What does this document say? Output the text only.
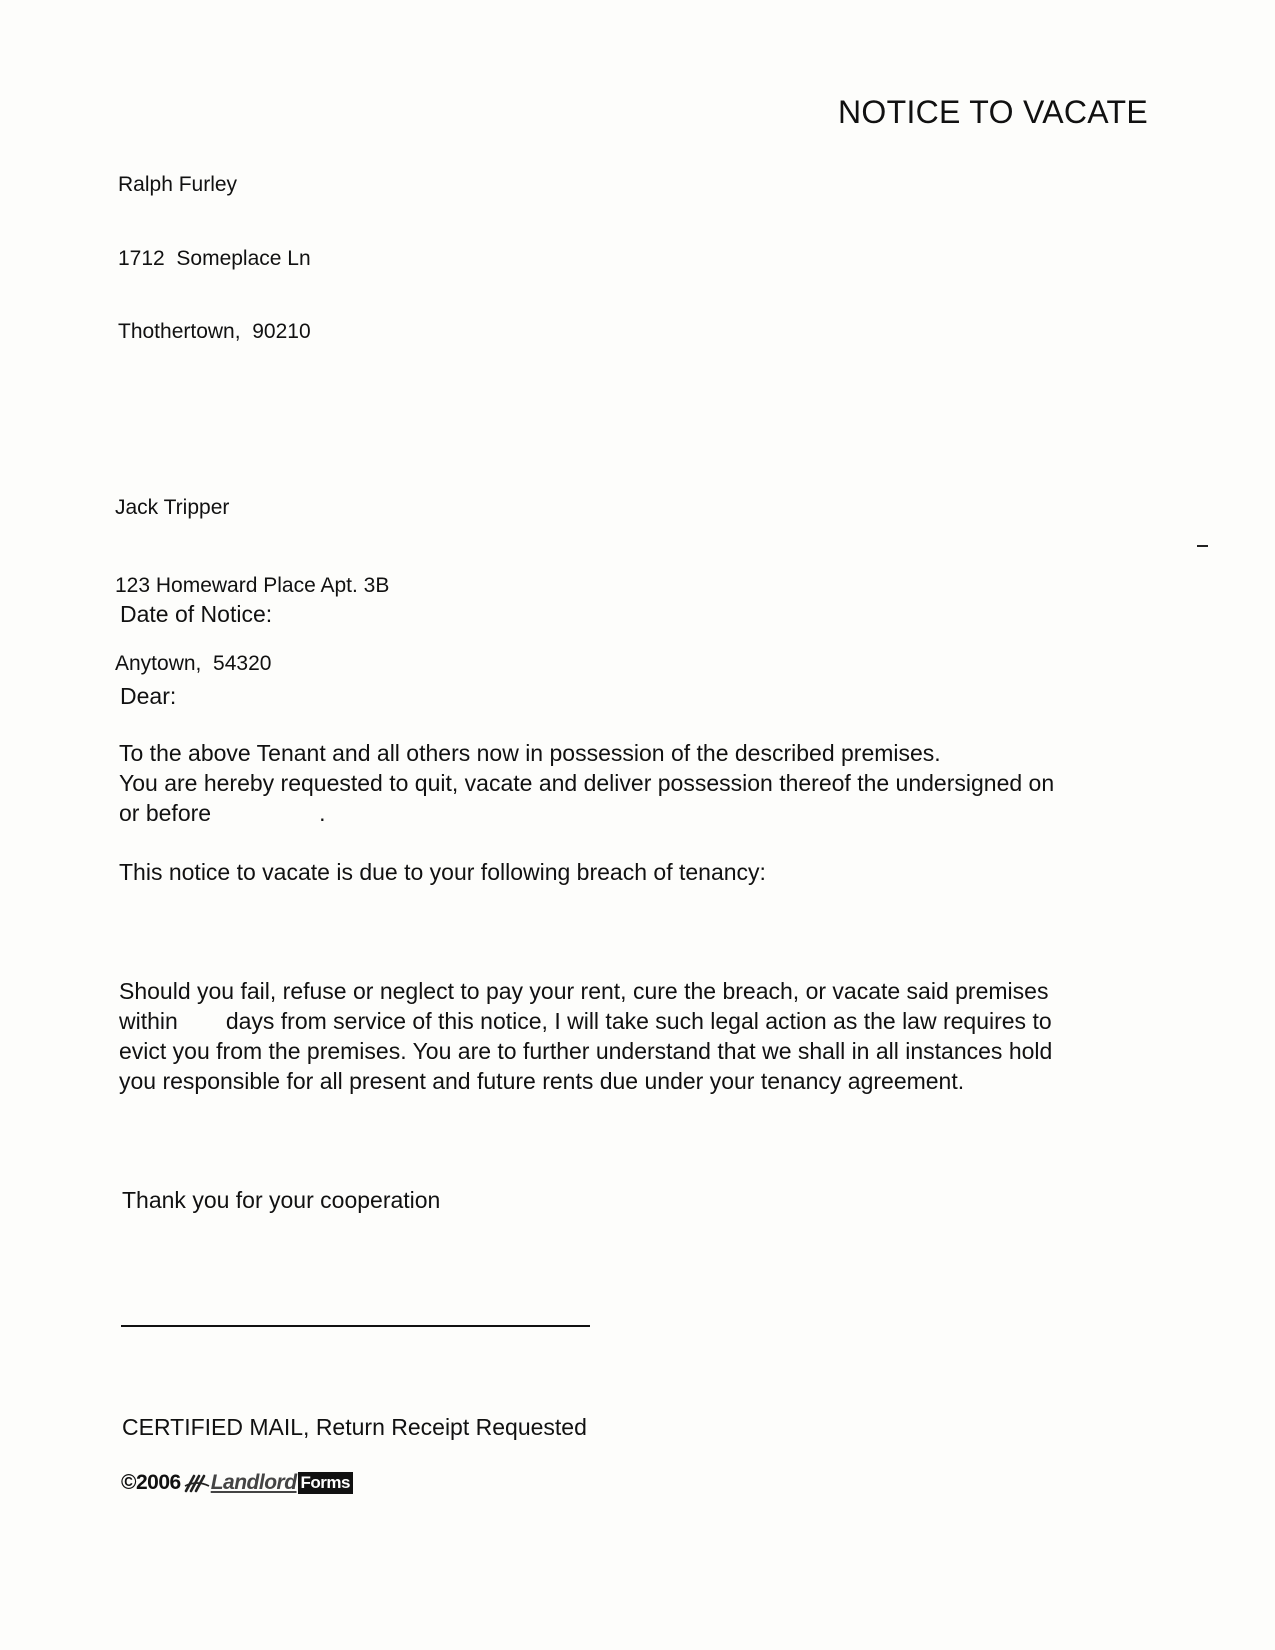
NOTICE TO VACATE

Ralph Furley

1712  Someplace Ln

Thothertown,  90210

Jack Tripper

123 Homeward Place Apt. 3B

Anytown,  54320

Date of Notice:
Dear:
To the above Tenant and all others now in possession of the described premises.
You are hereby requested to quit, vacate and deliver possession thereof the undersigned on
or before	.
This notice to vacate is due to your following breach of tenancy:
Should you fail, refuse or neglect to pay your rent, cure the breach, or vacate said premises
within days from service of this notice, I will take such legal action as the law requires to
evict you from the premises. You are to further understand that we shall in all instances hold
you responsible for all present and future rents due under your tenancy agreement.
Thank you for your cooperation
CERTIFIED MAIL, Return Receipt Requested
©2006 Landlord Forms
